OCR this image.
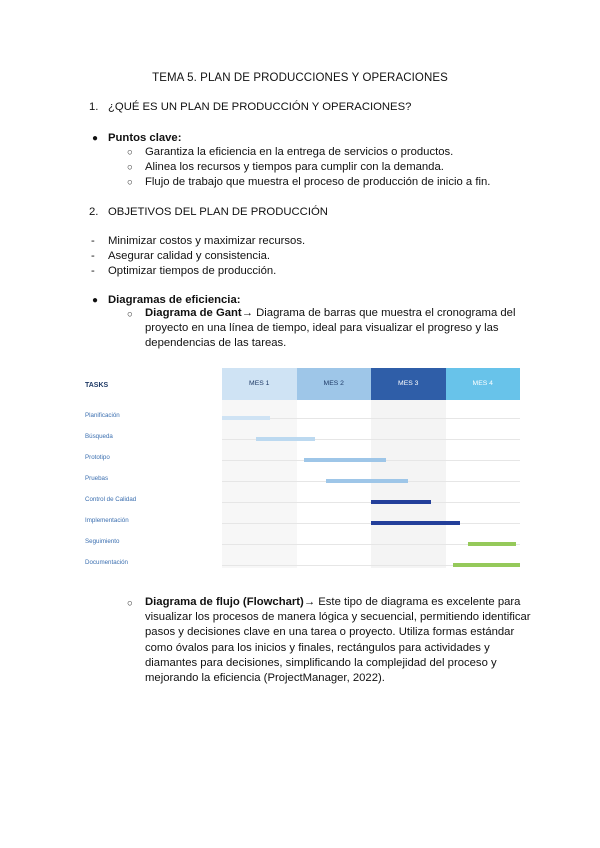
TEMA 5. PLAN DE PRODUCCIONES Y OPERACIONES
1. ¿QUÉ ES UN PLAN DE PRODUCCIÓN Y OPERACIONES?
● Puntos clave:
○ Garantiza la eficiencia en la entrega de servicios o productos.
○ Alinea los recursos y tiempos para cumplir con la demanda.
○ Flujo de trabajo que muestra el proceso de producción de inicio a fin.
2. OBJETIVOS DEL PLAN DE PRODUCCIÓN
- Minimizar costos y maximizar recursos.
- Asegurar calidad y consistencia.
- Optimizar tiempos de producción.
● Diagramas de eficiencia:
○ Diagrama de Gant→ Diagrama de barras que muestra el cronograma del
proyecto en una línea de tiempo, ideal para visualizar el progreso y las
dependencias de las tareas.
TASKS	MES 1	MES 2	MES 3	MES 4
Planificación
Búsqueda
Prototipo
Pruebas
Control de Calidad
Implementación
Seguimiento
Documentación
○ Diagrama de flujo (Flowchart)→ Este tipo de diagrama es excelente para
visualizar los procesos de manera lógica y secuencial, permitiendo identificar
pasos y decisiones clave en una tarea o proyecto. Utiliza formas estándar
como óvalos para los inicios y finales, rectángulos para actividades y
diamantes para decisiones, simplificando la complejidad del proceso y
mejorando la eficiencia (ProjectManager, 2022).
